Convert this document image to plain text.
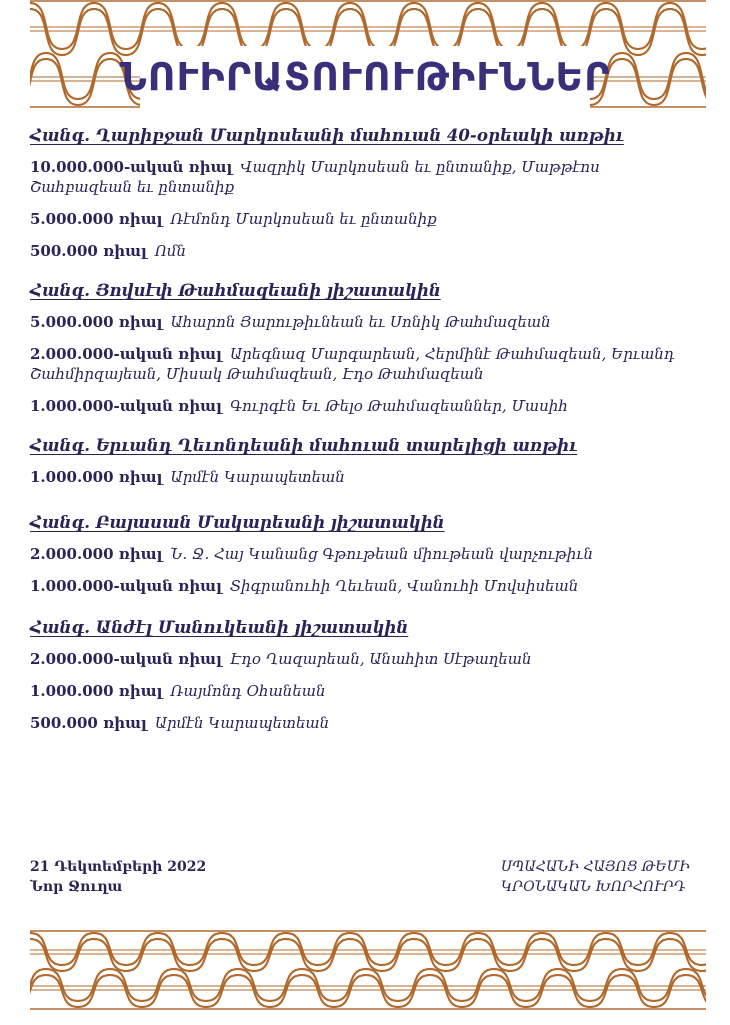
ՆՈՒԻՐԱՏՈՒՈՒԹԻՒՆՆԵՐ
Հանգ. Ղարիբջան Մարկոսեանի մահուան 40-օրեակի առթիւ
10.000.000-ական ռիալ Վազրիկ Մարկոսեան եւ ընտանիք, Մաթթէոս Շահբազեան եւ ընտանիք
5.000.000 ռիալ Ռէմոնդ Մարկոսեան եւ ընտանիք
500.000 ռիալ Ոմն
Հանգ. Յովսէփ Թահմազեանի յիշատակին
5.000.000 ռիալ Ահարոն Յարութիւնեան եւ Սոնիկ Թահմազեան
2.000.000-ական ռիալ Արեգնազ Մարգարեան, Հերմինէ Թահմազեան, Երւանդ Շահմիրզայեան, Միսակ Թահմազեան, Էդօ Թահմազեան
1.000.000-ական ռիալ Գուրգէն Եւ Թելօ Թահմազեաններ, Մասիհ
Հանգ. Երւանդ Ղեւոնդեանի մահուան տարելիցի առթիւ
1.000.000 ռիալ Արմէն Կարապետեան
Հանգ. Բայասան Մակարեանի յիշատակին
2.000.000 ռիալ Ն. Ջ. Հայ Կանանց Գթութեան միութեան վարչութիւն
1.000.000-ական ռիալ Տիգրանուհի Ղեւեան, Վանուհի Մովսիսեան
Հանգ. Անժէլ Մանուկեանի յիշատակին
2.000.000-ական ռիալ Էդօ Ղազարեան, Անահիտ Սէթաղեան
1.000.000 ռիալ Ռայմոնդ Օհանեան
500.000 ռիալ Արմէն Կարապետեան
21 Դեկտեմբերի 2022
Նոր Ջուղա
ՍՊԱՀԱՆԻ ՀԱՅՈՑ ԹԵՄԻ
ԿՐՕՆԱԿԱՆ ԽՈՐՀՈՒՐԴ
